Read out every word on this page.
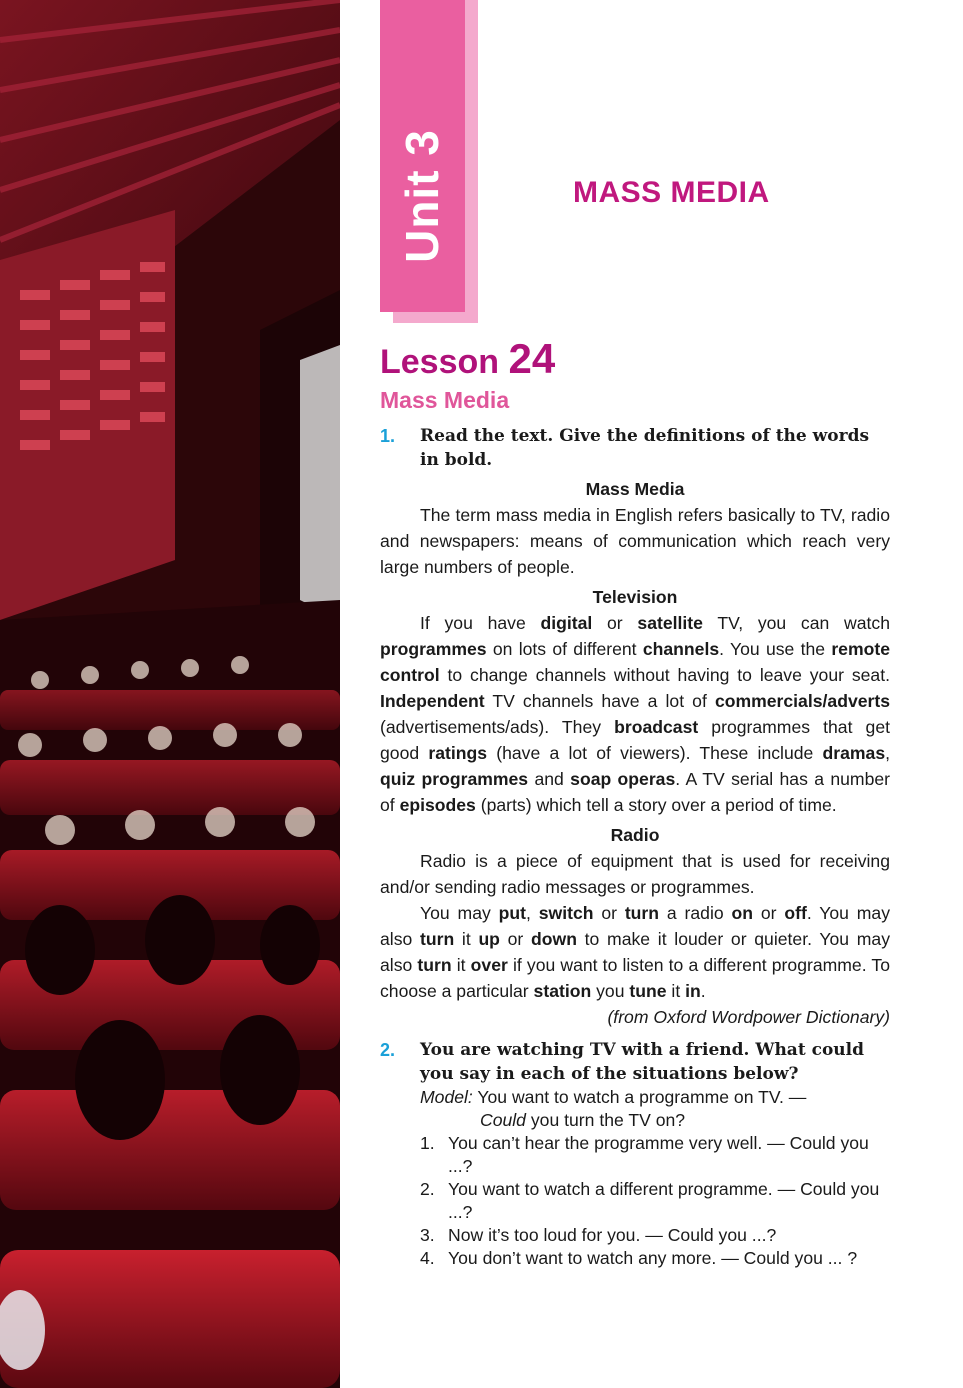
Unit 3	MASS MEDIA
Lesson 24
Mass Media
1. Read the text. Give the definitions of the words in bold.
Mass Media

The term mass media in English refers basically to TV, radio and newspapers: means of communication which reach very large numbers of people.

Television

If you have digital or satellite TV, you can watch programmes on lots of different channels. You use the remote control to change channels without having to leave your seat. Independent TV channels have a lot of commercials/adverts (advertisements/ads). They broadcast programmes that get good ratings (have a lot of viewers). These include dramas, quiz programmes and soap operas. A TV serial has a number of episodes (parts) which tell a story over a period of time.

Radio

Radio is a piece of equipment that is used for receiving and/or sending radio messages or programmes.

You may put, switch or turn a radio on or off. You may also turn it up or down to make it louder or quieter. You may also turn it over if you want to listen to a different programme. To choose a particular station you tune it in.

(from Oxford Wordpower Dictionary)
2. You are watching TV with a friend. What could you say in each of the situations below?
Model: You want to watch a programme on TV. —
Could you turn the TV on?
1. You can’t hear the programme very well. — Could you ...?
2. You want to watch a different programme. — Could you ...?
3. Now it’s too loud for you. — Could you ...?
4. You don’t want to watch any more. — Could you ... ?
